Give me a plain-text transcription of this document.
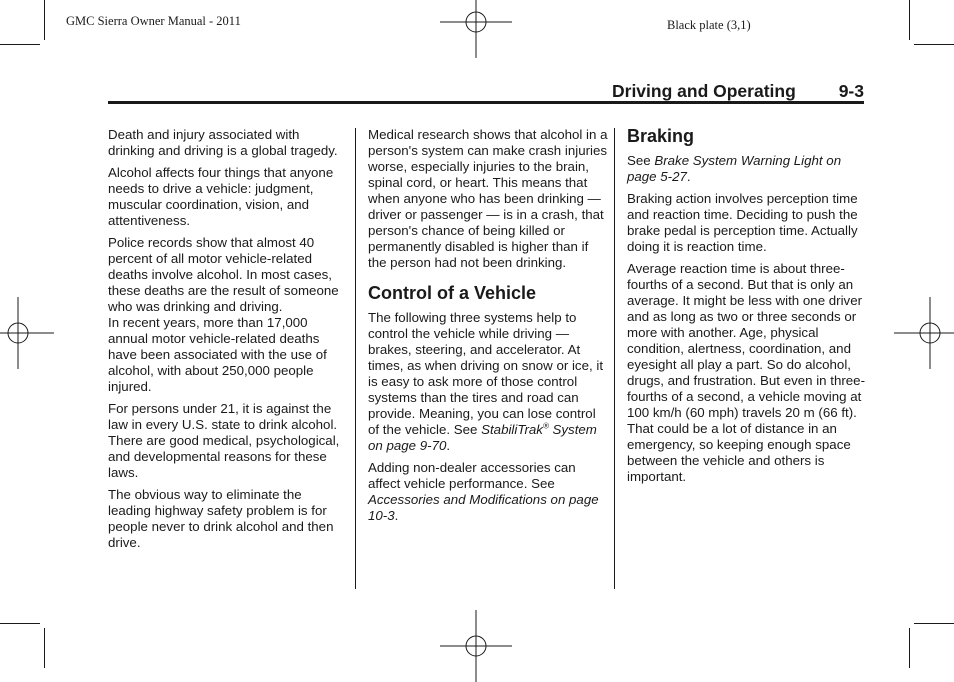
GMC Sierra Owner Manual - 2011	Black plate (3,1)
Driving and Operating 9-3

Death and injury associated with drinking and driving is a global tragedy.

Alcohol affects four things that anyone needs to drive a vehicle: judgment, muscular coordination, vision, and attentiveness.

Police records show that almost 40 percent of all motor vehicle-related deaths involve alcohol. In most cases, these deaths are the result of someone who was drinking and driving.

In recent years, more than 17,000 annual motor vehicle-related deaths have been associated with the use of alcohol, with about 250,000 people injured.

For persons under 21, it is against the law in every U.S. state to drink alcohol. There are good medical, psychological, and developmental reasons for these laws.

The obvious way to eliminate the leading highway safety problem is for people never to drink alcohol and then drive.

Medical research shows that alcohol in a person's system can make crash injuries worse, especially injuries to the brain, spinal cord, or heart. This means that when anyone who has been drinking — driver or passenger — is in a crash, that person's chance of being killed or permanently disabled is higher than if the person had not been drinking.

Control of a Vehicle

The following three systems help to control the vehicle while driving — brakes, steering, and accelerator. At times, as when driving on snow or ice, it is easy to ask more of those control systems than the tires and road can provide. Meaning, you can lose control of the vehicle. See StabiliTrak® System on page 9-70.

Adding non-dealer accessories can affect vehicle performance. See Accessories and Modifications on page 10-3.

Braking

See Brake System Warning Light on page 5-27.

Braking action involves perception time and reaction time. Deciding to push the brake pedal is perception time. Actually doing it is reaction time.

Average reaction time is about three-fourths of a second. But that is only an average. It might be less with one driver and as long as two or three seconds or more with another. Age, physical condition, alertness, coordination, and eyesight all play a part. So do alcohol, drugs, and frustration. But even in three-fourths of a second, a vehicle moving at 100 km/h (60 mph) travels 20 m (66 ft). That could be a lot of distance in an emergency, so keeping enough space between the vehicle and others is important.
